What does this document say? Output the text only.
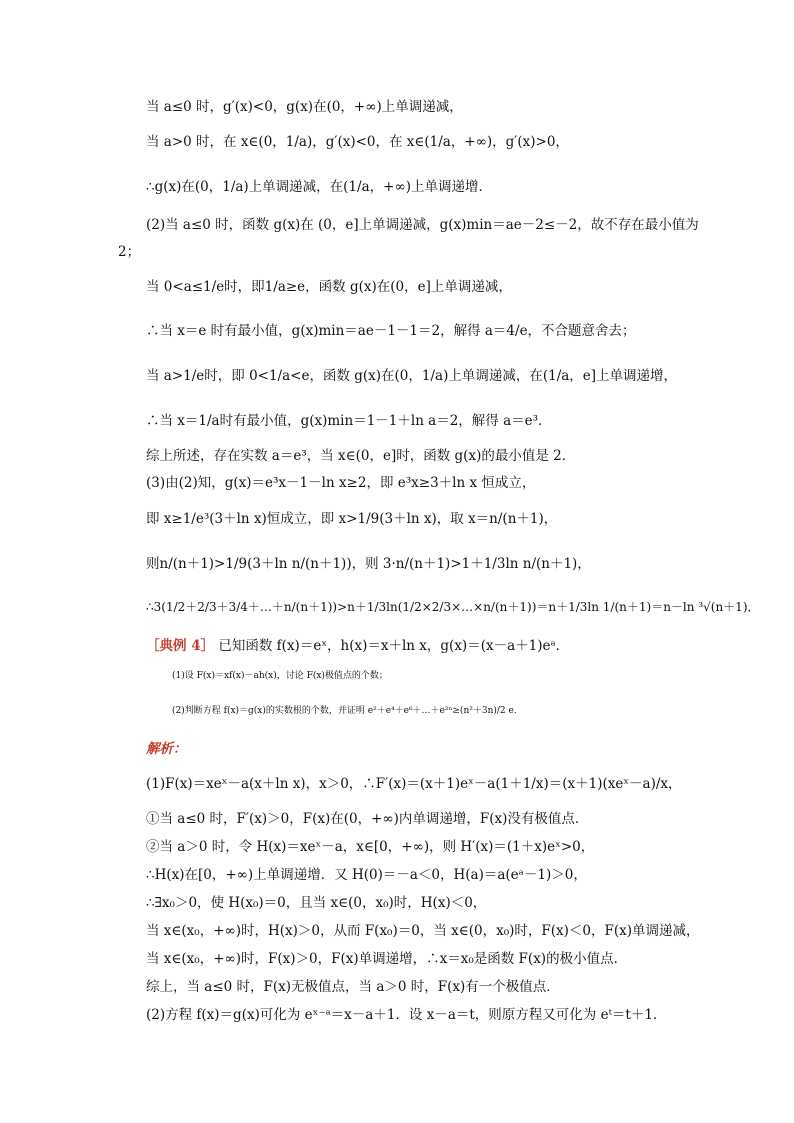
当 a≤0 时，g′(x)<0，g(x)在(0，+∞)上单调递减，
当 a>0 时，在 x∈(0，1/a)，g′(x)<0，在 x∈(1/a，+∞)，g′(x)>0，
∴g(x)在(0，1/a)上单调递减，在(1/a，+∞)上单调递增．
(2)当 a≤0 时，函数 g(x)在 (0，e]上单调递减，g(x)min＝ae－2≤－2，故不存在最小值为
2；
当 0<a≤1/e时，即1/a≥e，函数 g(x)在(0，e]上单调递减，
∴当 x＝e 时有最小值，g(x)min＝ae－1－1＝2，解得 a＝4/e，不合题意舍去；
当 a>1/e时，即 0<1/a<e，函数 g(x)在(0，1/a)上单调递减，在(1/a，e]上单调递增，
∴当 x＝1/a时有最小值，g(x)min＝1－1＋ln a＝2，解得 a＝e³．
综上所述，存在实数 a＝e³，当 x∈(0，e]时，函数 g(x)的最小值是 2．
(3)由(2)知，g(x)＝e³x－1－ln x≥2，即 e³x≥3＋ln x 恒成立，
即 x≥1/e³(3＋ln x)恒成立，即 x>1/9(3＋ln x)，取 x＝n/(n＋1)，
则n/(n＋1)>1/9(3＋ln n/(n＋1))，则 3·n/(n＋1)>1＋1/3ln n/(n＋1)，
∴3(1/2＋2/3＋3/4＋…＋n/(n＋1))>n＋1/3ln(1/2×2/3×…×n/(n＋1))＝n＋1/3ln 1/(n＋1)＝n－ln ³√(n＋1)．
［典例 4］ 已知函数 f(x)＝eˣ，h(x)＝x＋ln x，g(x)＝(x－a＋1)eᵃ．
(1)设 F(x)＝xf(x)－ah(x)，讨论 F(x)极值点的个数；
(2)判断方程 f(x)＝g(x)的实数根的个数，并证明 e²＋e⁴＋e⁶＋…＋e²ⁿ≥(n²＋3n)/2 e．
解析：
(1)F(x)＝xeˣ－a(x＋ln x)，x＞0，∴F′(x)＝(x＋1)eˣ－a(1＋1/x)＝(x＋1)(xeˣ－a)/x，
①当 a≤0 时，F′(x)＞0，F(x)在(0，+∞)内单调递增，F(x)没有极值点．
②当 a＞0 时，令 H(x)＝xeˣ－a，x∈[0，+∞)，则 H′(x)＝(1＋x)eˣ>0，
∴H(x)在[0，+∞)上单调递增．又 H(0)＝－a＜0，H(a)＝a(eᵃ－1)＞0，
∴∃x₀＞0，使 H(x₀)＝0，且当 x∈(0，x₀)时，H(x)＜0，
当 x∈(x₀，+∞)时，H(x)＞0，从而 F(x₀)＝0，当 x∈(0，x₀)时，F(x)＜0，F(x)单调递减，
当 x∈(x₀，+∞)时，F(x)＞0，F(x)单调递增，∴x＝x₀是函数 F(x)的极小值点．
综上，当 a≤0 时，F(x)无极值点，当 a＞0 时，F(x)有一个极值点．
(2)方程 f(x)＝g(x)可化为 eˣ⁻ᵃ＝x－a＋1．设 x－a＝t，则原方程又可化为 eᵗ＝t＋1．
